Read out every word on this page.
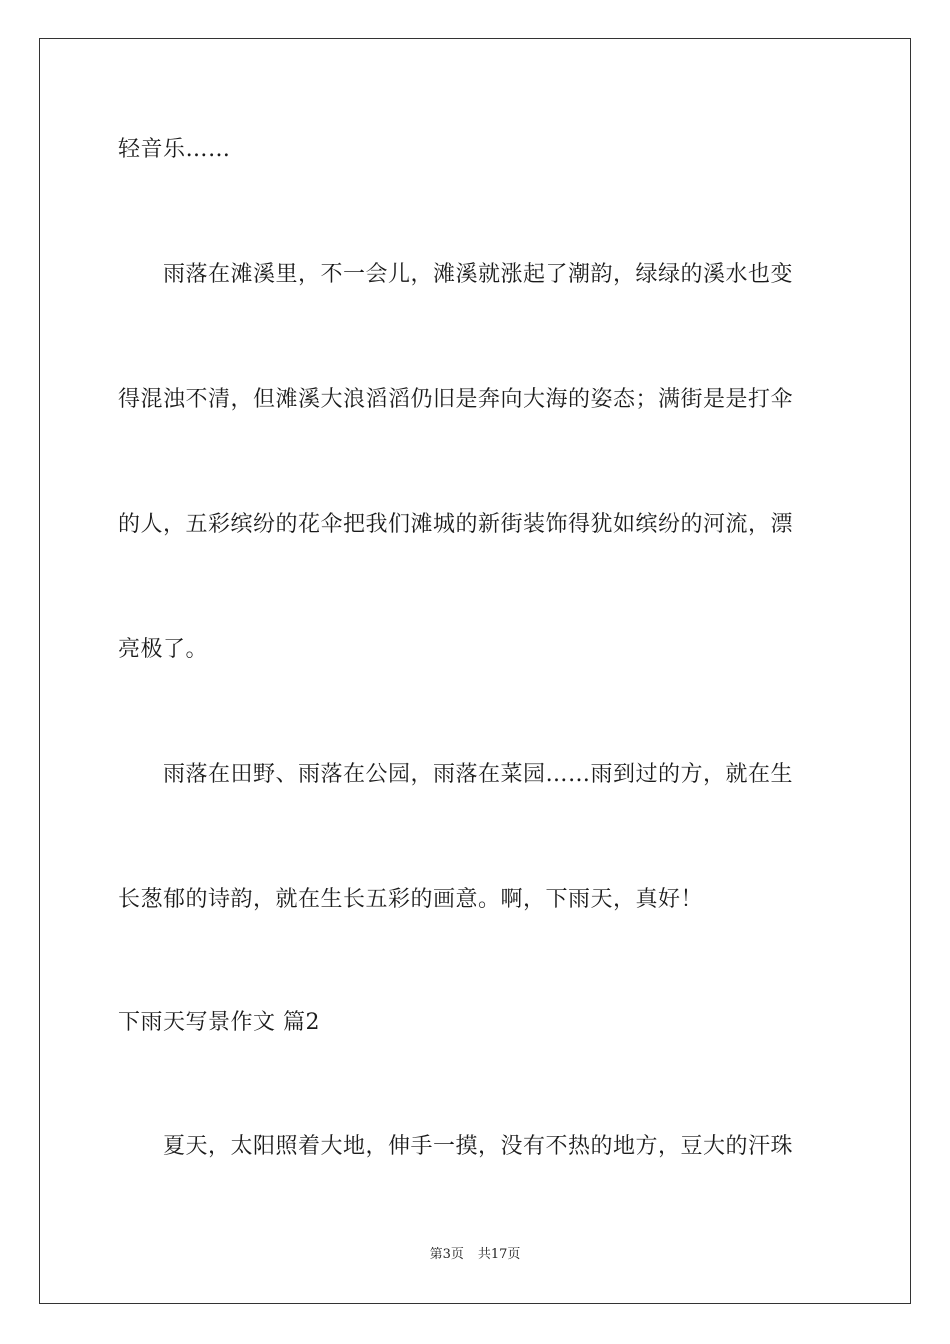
轻音乐……
　　雨落在滩溪里，不一会儿，滩溪就涨起了潮韵，绿绿的溪水也变
得混浊不清，但滩溪大浪滔滔仍旧是奔向大海的姿态；满街是是打伞
的人，五彩缤纷的花伞把我们滩城的新街装饰得犹如缤纷的河流，漂
亮极了。
　　雨落在田野、雨落在公园，雨落在菜园……雨到过的方，就在生
长葱郁的诗韵，就在生长五彩的画意。啊，下雨天，真好！
下雨天写景作文 篇2
　　夏天，太阳照着大地，伸手一摸，没有不热的地方，豆大的汗珠
第3页 共17页
